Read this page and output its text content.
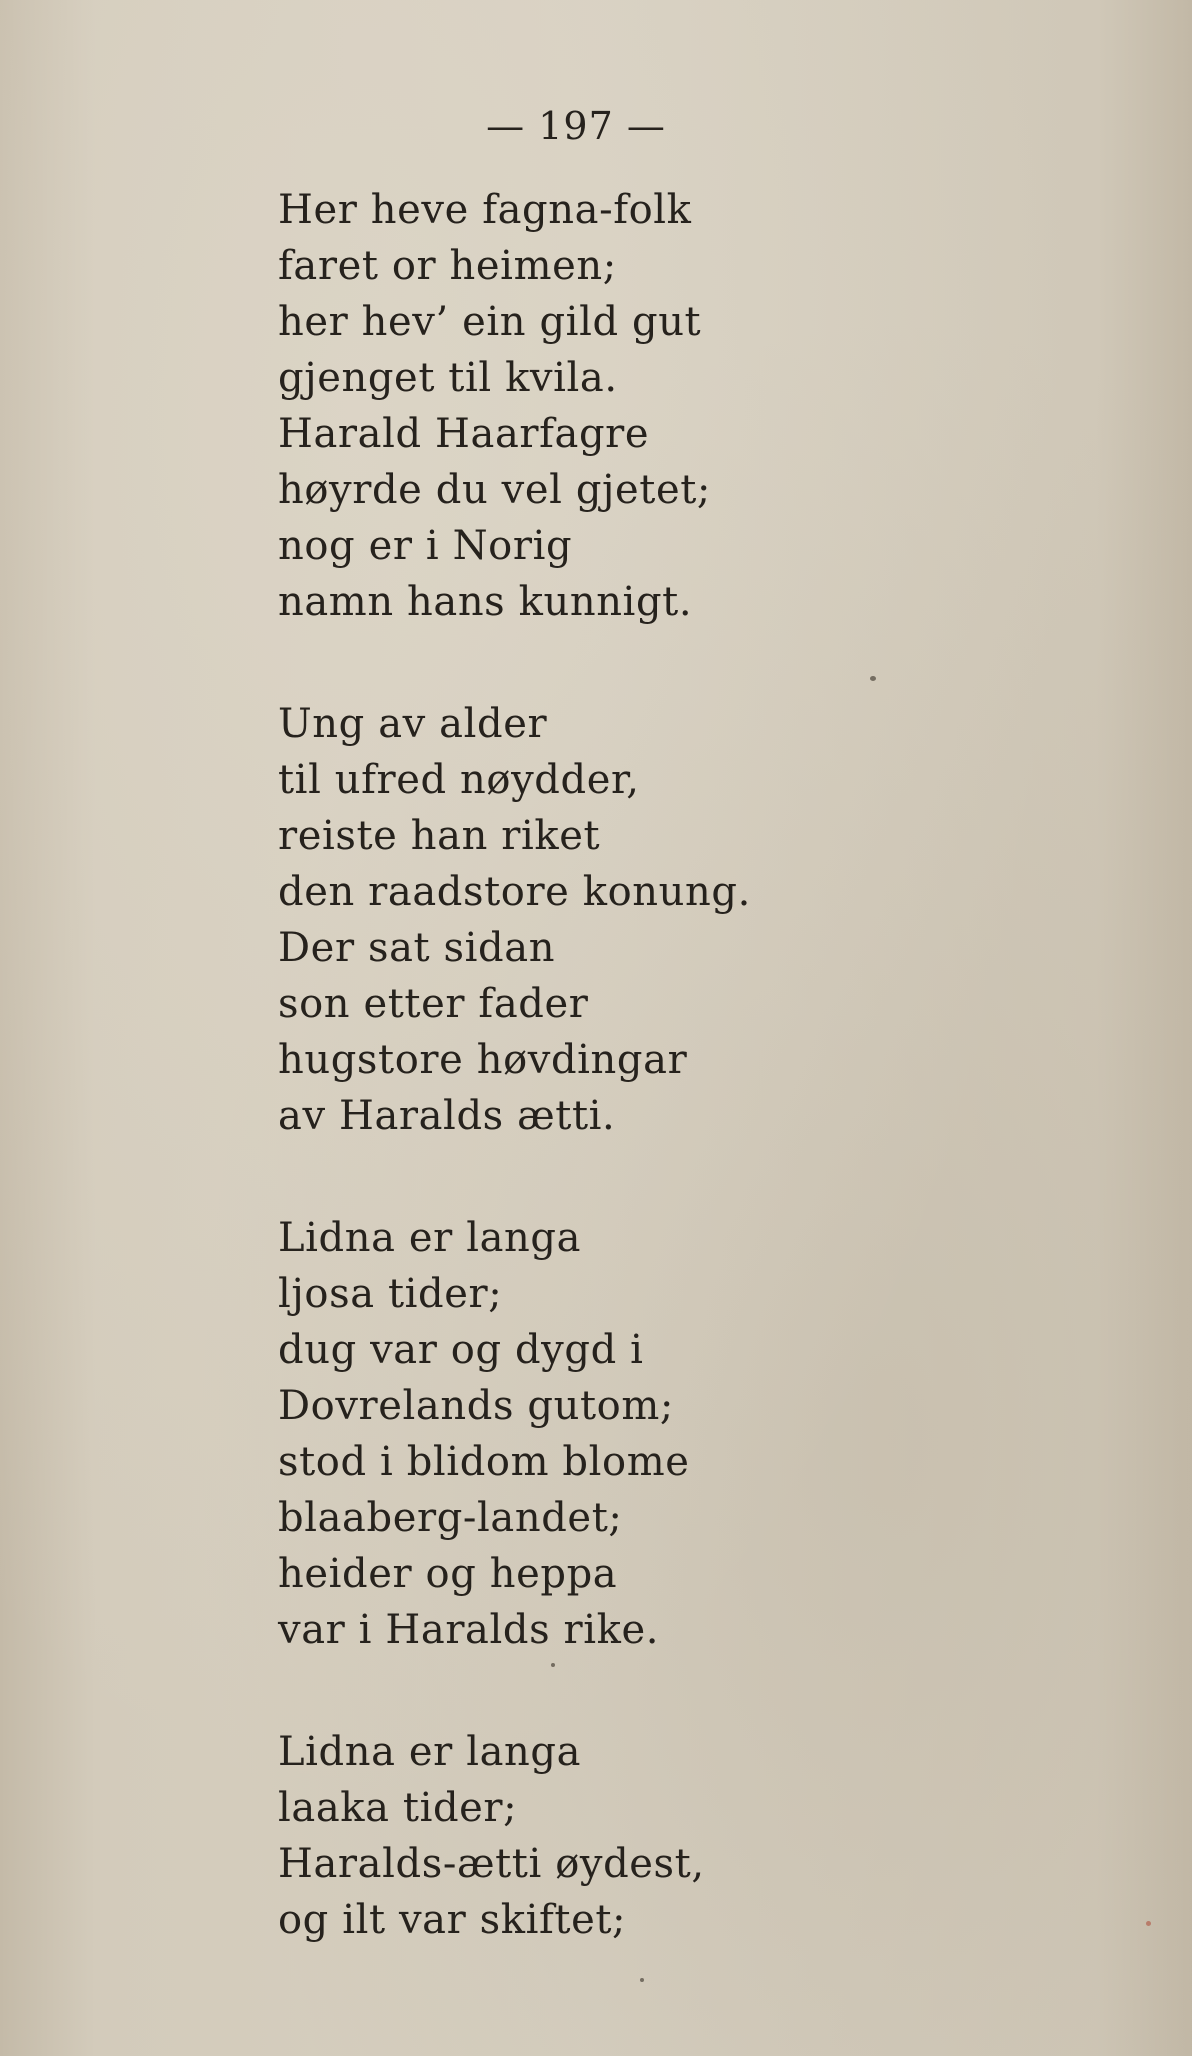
— 197 —
Her heve fagna-folk
faret or heimen;
her hev’ ein gild gut
gjenget til kvila.
Harald Haarfagre
høyrde du vel gjetet;
nog er i Norig
namn hans kunnigt.
Ung av alder
til ufred nøydder,
reiste han riket
den raadstore konung.
Der sat sidan
son etter fader
hugstore høvdingar
av Haralds ætti.
Lidna er langa
ljosa tider;
dug var og dygd i
Dovrelands gutom;
stod i blidom blome
blaaberg-landet;
heider og heppa
var i Haralds rike.
Lidna er langa
laaka tider;
Haralds-ætti øydest,
og ilt var skiftet;
